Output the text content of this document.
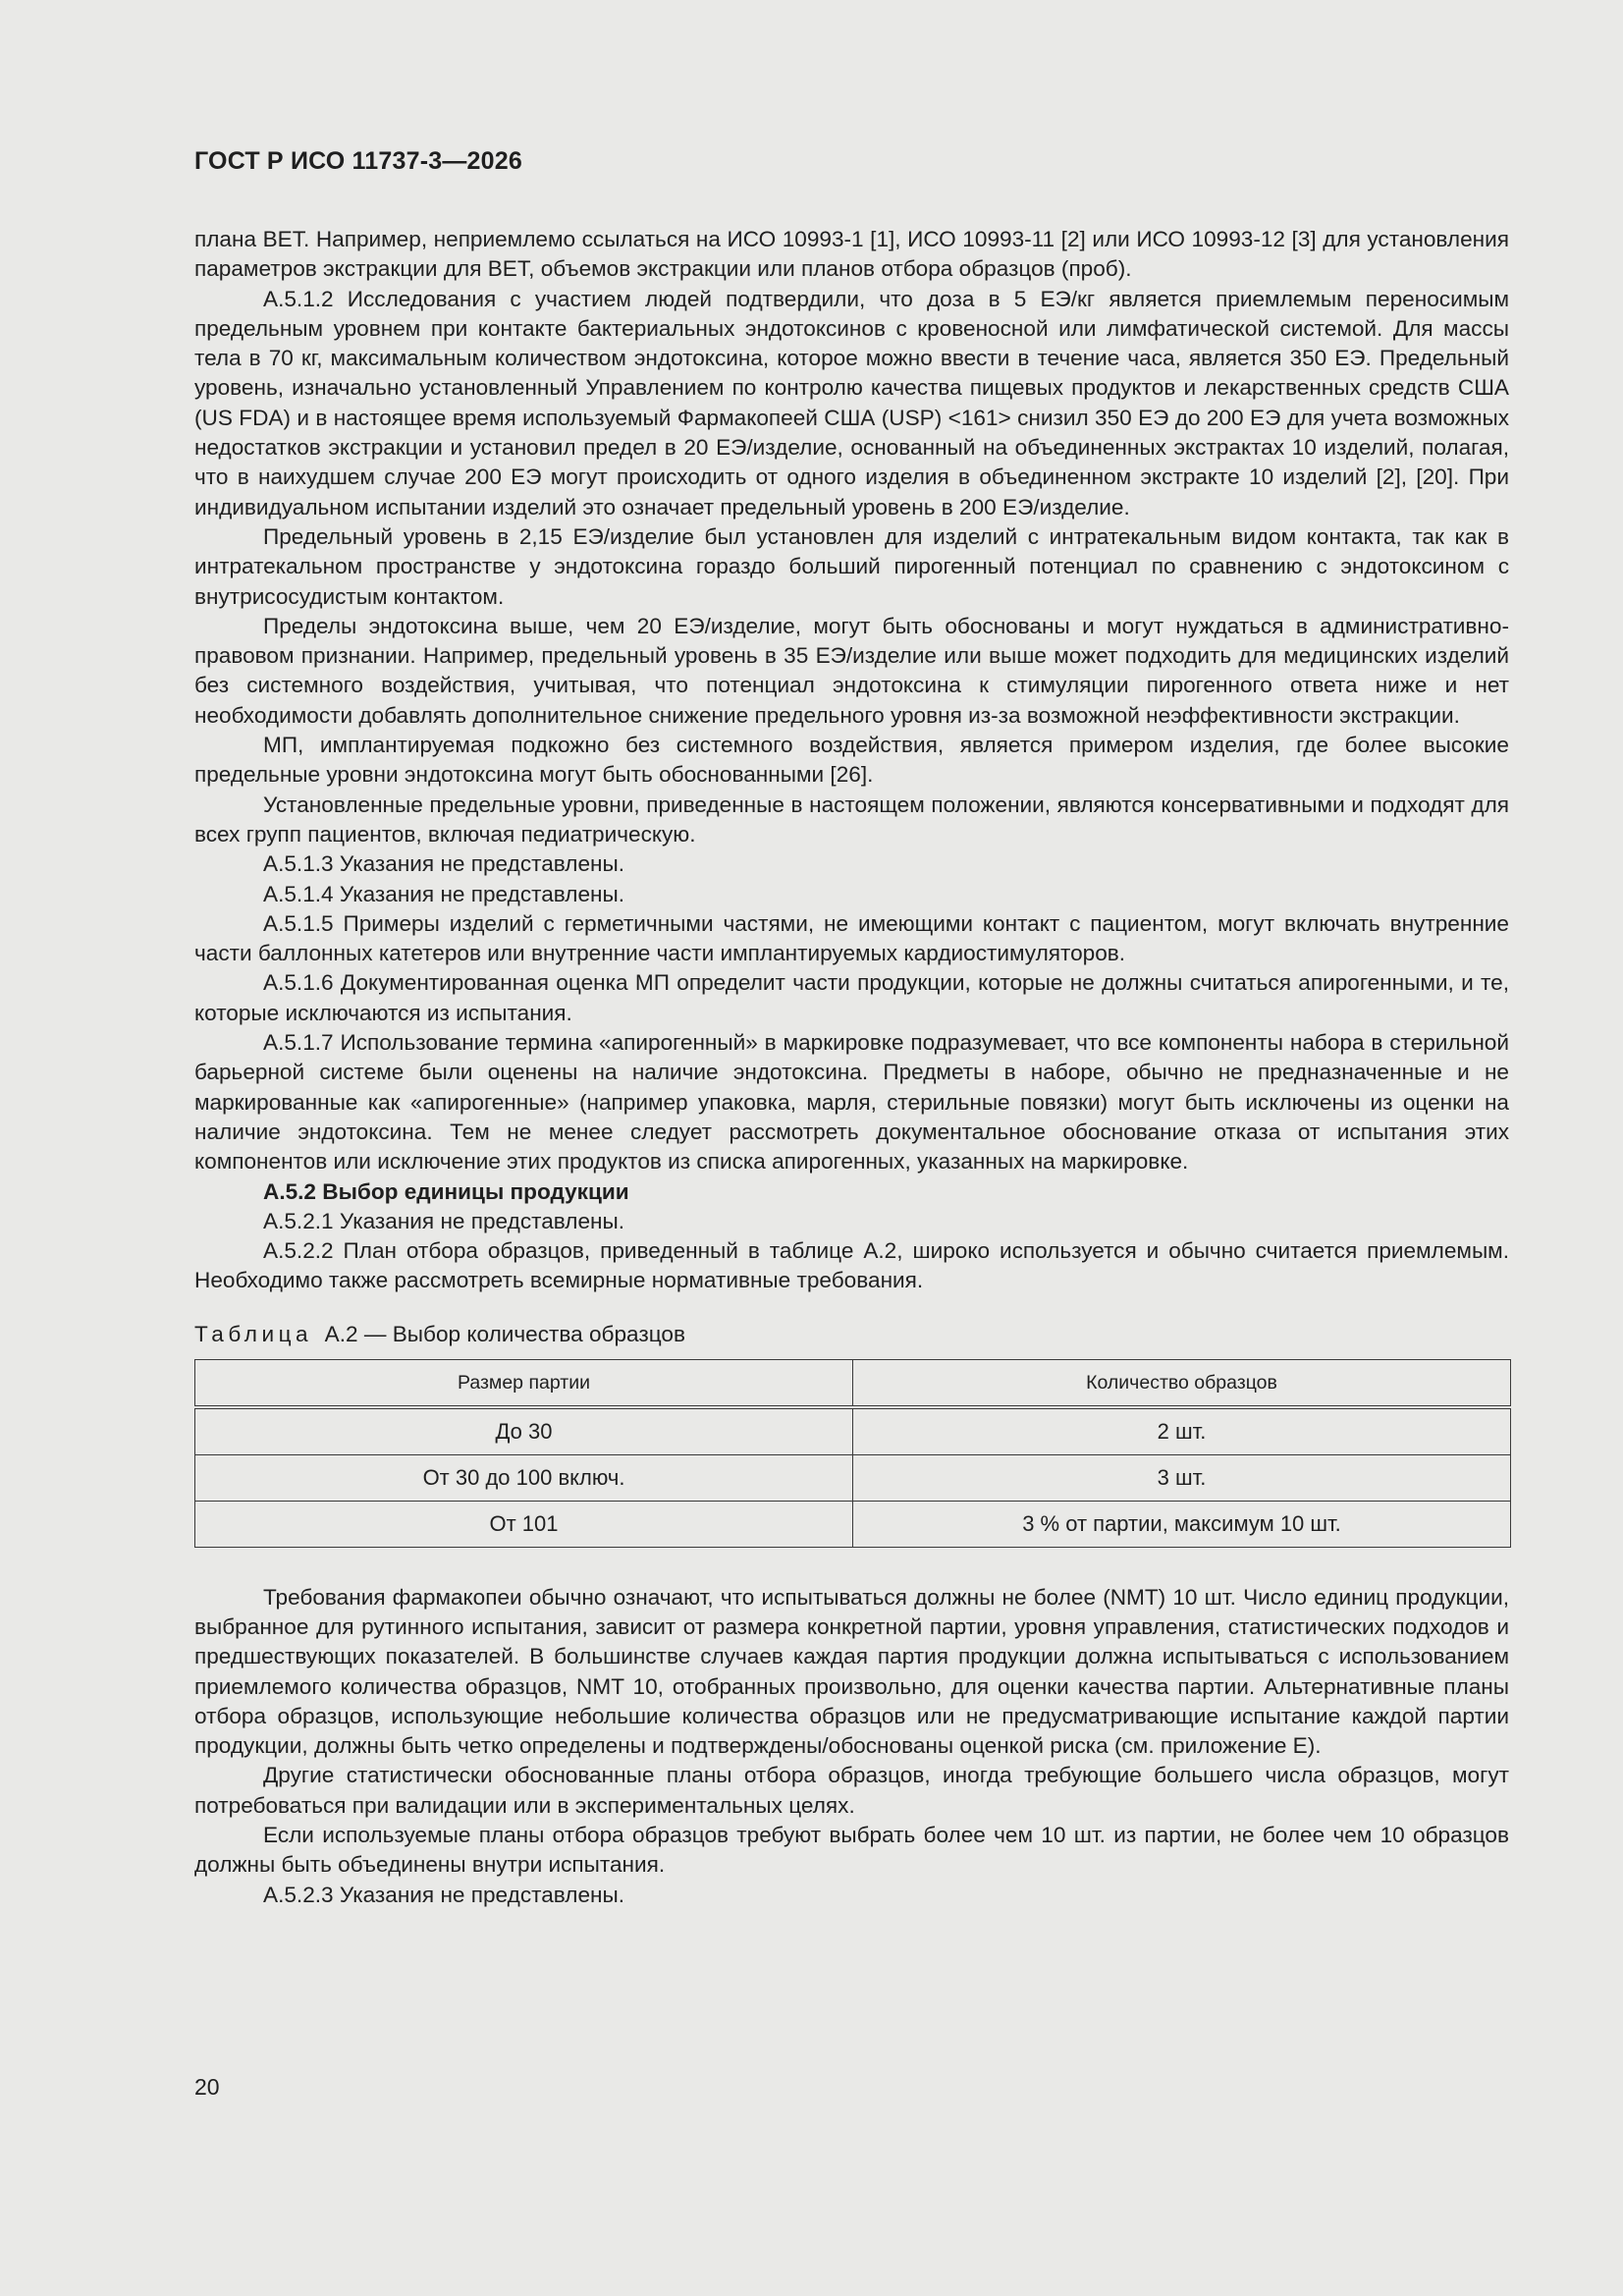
ГОСТ Р ИСО 11737-3—2026

плана BET. Например, неприемлемо ссылаться на ИСО 10993-1 [1], ИСО 10993-11 [2] или ИСО 10993-12 [3] для установления параметров экстракции для BET, объемов экстракции или планов отбора образцов (проб).

А.5.1.2 Исследования с участием людей подтвердили, что доза в 5 ЕЭ/кг является приемлемым переносимым предельным уровнем при контакте бактериальных эндотоксинов с кровеносной или лимфатической системой. Для массы тела в 70 кг, максимальным количеством эндотоксина, которое можно ввести в течение часа, является 350 ЕЭ. Предельный уровень, изначально установленный Управлением по контролю качества пищевых продуктов и лекарственных средств США (US FDA) и в настоящее время используемый Фармакопеей США (USP) <161> снизил 350 ЕЭ до 200 ЕЭ для учета возможных недостатков экстракции и установил предел в 20 ЕЭ/изделие, основанный на объединенных экстрактах 10 изделий, полагая, что в наихудшем случае 200 ЕЭ могут происходить от одного изделия в объединенном экстракте 10 изделий [2], [20]. При индивидуальном испытании изделий это означает предельный уровень в 200 ЕЭ/изделие.

Предельный уровень в 2,15 ЕЭ/изделие был установлен для изделий с интратекальным видом контакта, так как в интратекальном пространстве у эндотоксина гораздо больший пирогенный потенциал по сравнению с эндотоксином с внутрисосудистым контактом.

Пределы эндотоксина выше, чем 20 ЕЭ/изделие, могут быть обоснованы и могут нуждаться в административно-правовом признании. Например, предельный уровень в 35 ЕЭ/изделие или выше может подходить для медицинских изделий без системного воздействия, учитывая, что потенциал эндотоксина к стимуляции пирогенного ответа ниже и нет необходимости добавлять дополнительное снижение предельного уровня из-за возможной неэффективности экстракции.

МП, имплантируемая подкожно без системного воздействия, является примером изделия, где более высокие предельные уровни эндотоксина могут быть обоснованными [26].

Установленные предельные уровни, приведенные в настоящем положении, являются консервативными и подходят для всех групп пациентов, включая педиатрическую.

А.5.1.3 Указания не представлены.

А.5.1.4 Указания не представлены.

А.5.1.5 Примеры изделий с герметичными частями, не имеющими контакт с пациентом, могут включать внутренние части баллонных катетеров или внутренние части имплантируемых кардиостимуляторов.

А.5.1.6 Документированная оценка МП определит части продукции, которые не должны считаться апирогенными, и те, которые исключаются из испытания.

А.5.1.7 Использование термина «апирогенный» в маркировке подразумевает, что все компоненты набора в стерильной барьерной системе были оценены на наличие эндотоксина. Предметы в наборе, обычно не предназначенные и не маркированные как «апирогенные» (например упаковка, марля, стерильные повязки) могут быть исключены из оценки на наличие эндотоксина. Тем не менее следует рассмотреть документальное обоснование отказа от испытания этих компонентов или исключение этих продуктов из списка апирогенных, указанных на маркировке.

А.5.2 Выбор единицы продукции

А.5.2.1 Указания не представлены.

А.5.2.2 План отбора образцов, приведенный в таблице А.2, широко используется и обычно считается приемлемым. Необходимо также рассмотреть всемирные нормативные требования.

Таблица А.2 — Выбор количества образцов
Размер партии	Количество образцов
До 30	2 шт.
От 30 до 100 включ.	3 шт.
От 101	3 % от партии, максимум 10 шт.

Требования фармакопеи обычно означают, что испытываться должны не более (NMT) 10 шт. Число единиц продукции, выбранное для рутинного испытания, зависит от размера конкретной партии, уровня управления, статистических подходов и предшествующих показателей. В большинстве случаев каждая партия продукции должна испытываться с использованием приемлемого количества образцов, NMT 10, отобранных произвольно, для оценки качества партии. Альтернативные планы отбора образцов, использующие небольшие количества образцов или не предусматривающие испытание каждой партии продукции, должны быть четко определены и подтверждены/обоснованы оценкой риска (см. приложение Е).

Другие статистически обоснованные планы отбора образцов, иногда требующие большего числа образцов, могут потребоваться при валидации или в экспериментальных целях.

Если используемые планы отбора образцов требуют выбрать более чем 10 шт. из партии, не более чем 10 образцов должны быть объединены внутри испытания.

А.5.2.3 Указания не представлены.

20
